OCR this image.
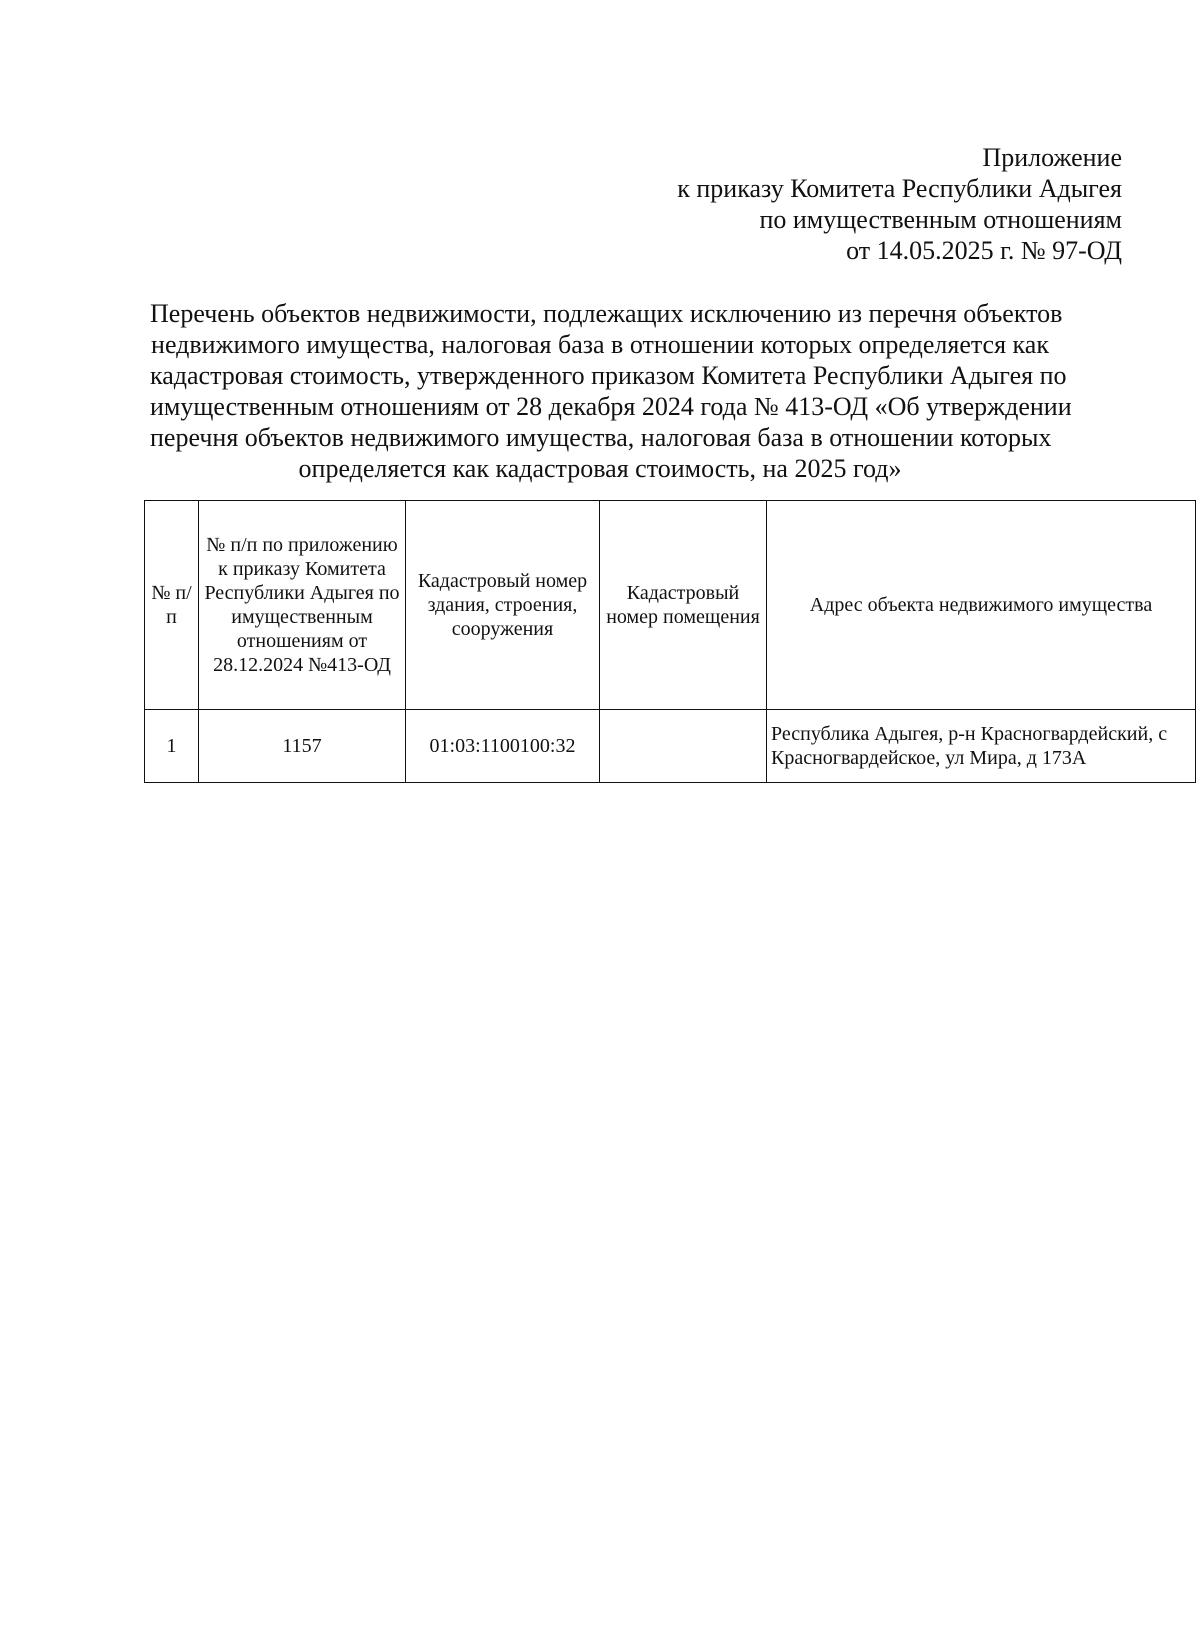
Приложение
к приказу Комитета Республики Адыгея
по имущественным отношениям
от 14.05.2025 г. № 97-ОД
Перечень объектов недвижимости, подлежащих исключению из перечня объектов
недвижимого имущества, налоговая база в отношении которых определяется как
кадастровая стоимость, утвержденного приказом Комитета Республики Адыгея по
имущественным отношениям от 28 декабря 2024 года № 413-ОД «Об утверждении
перечня объектов недвижимого имущества, налоговая база в отношении которых
определяется как кадастровая стоимость, на 2025 год»
№ п/п	№ п/п по приложению к приказу Комитета Республики Адыгея по имущественным отношениям от 28.12.2024 №413-ОД	Кадастровый номер здания, строения, сооружения	Кадастровый номер помещения	Адрес объекта недвижимого имущества
1	1157	01:03:1100100:32		Республика Адыгея, р-н Красногвардейский, с Красногвардейское, ул Мира, д 173А
